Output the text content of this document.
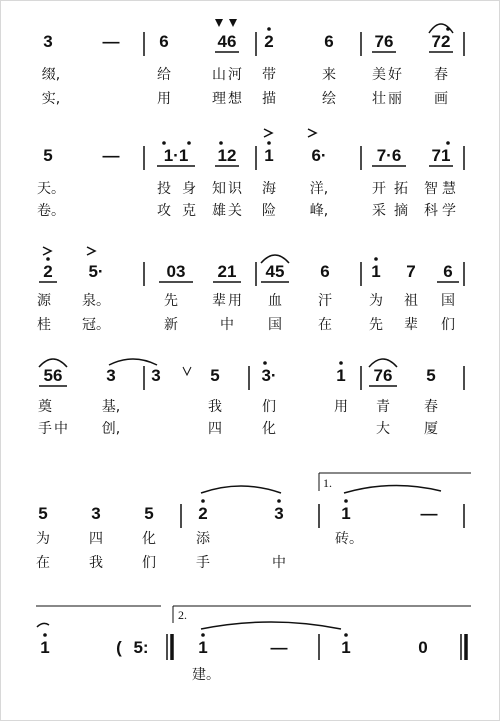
3	— 6	46 2	6 76 72
缀,	给	山 河 带	来	美 好 春
实,	用	理 想 描	绘	壮 丽 画
5	—	1·1 12 1 6·	7·6 71
天。	投 身 知 识 海 洋,	开 拓 智 慧
卷。	攻 克 雄 关 险 峰,	采 摘 科 学
2 5·	03 21 45 6 1 7 6
源 泉。	先 辈 用 血	汗	为 祖 国
桂 冠。	新	中 国	在	先 辈 们
56	3 3	5 3·	1 76 5
奠	基,	我	们	用 青 春
手 中 创,	四	化	大 厦
1.
5	3	5	2	3	1	—
为	四	化	添	砖。
在	我	们	手	中
2.
1	( 5:	1	—	1	0
建。
